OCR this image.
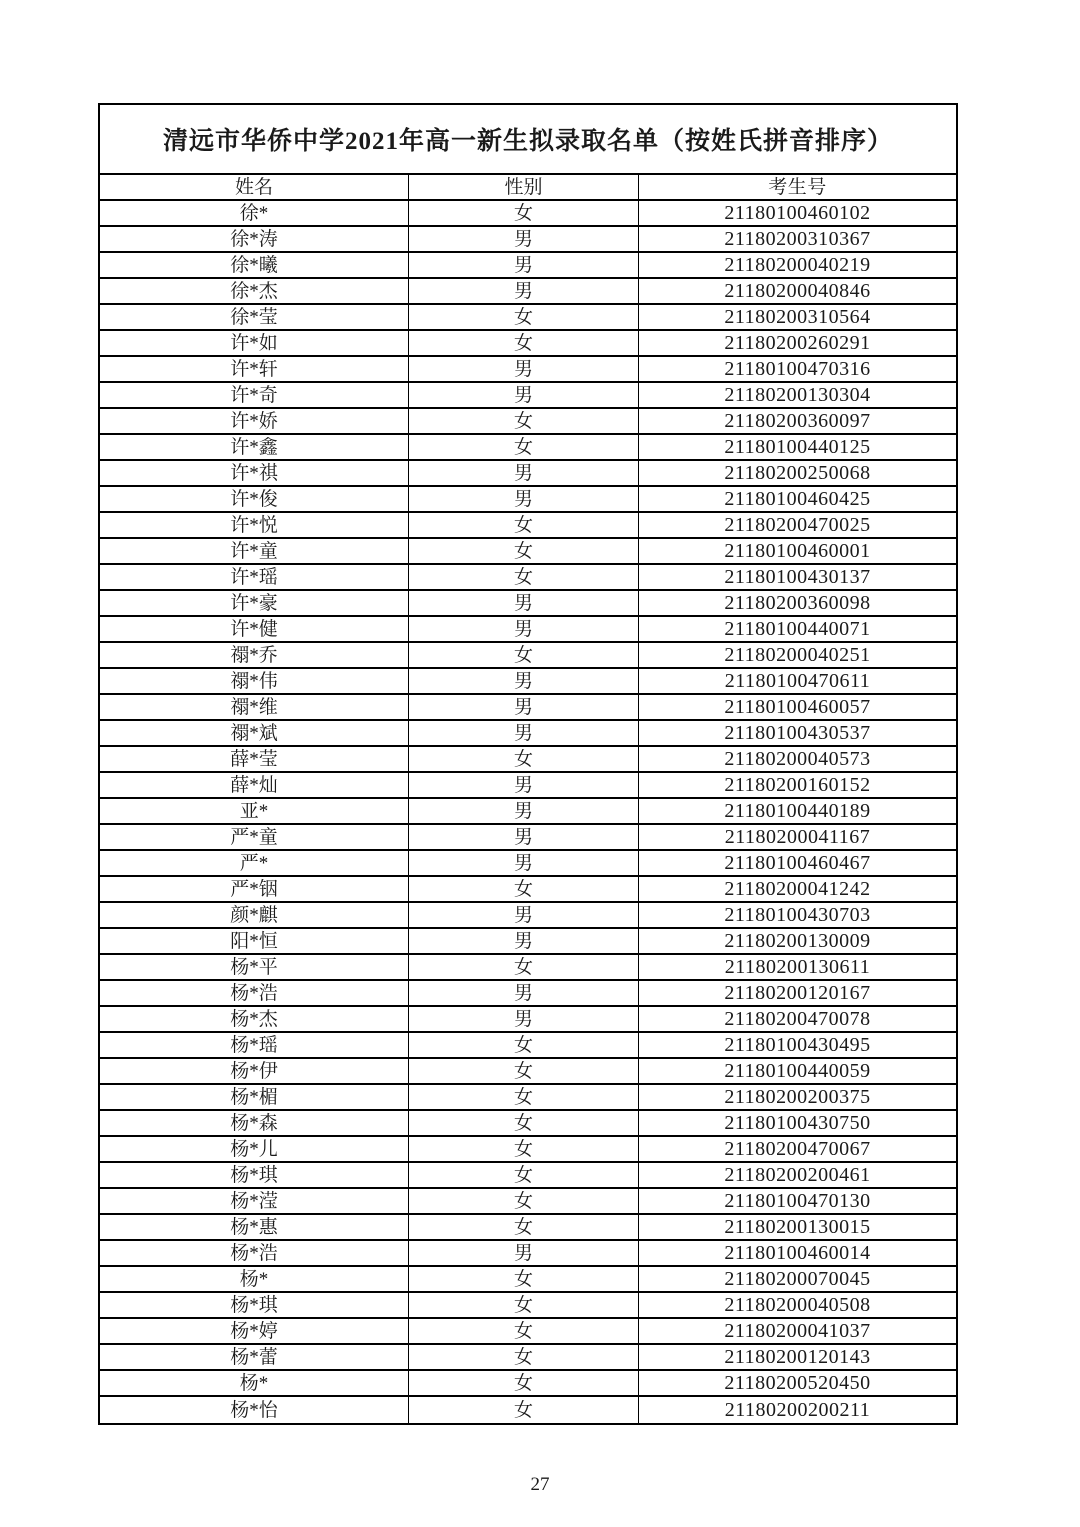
清远市华侨中学2021年高一新生拟录取名单（按姓氏拼音排序）
姓名	性别	考生号
徐*	女	21180100460102
徐*涛	男	21180200310367
徐*曦	男	21180200040219
徐*杰	男	21180200040846
徐*莹	女	21180200310564
许*如	女	21180200260291
许*轩	男	21180100470316
许*奇	男	21180200130304
许*娇	女	21180200360097
许*鑫	女	21180100440125
许*祺	男	21180200250068
许*俊	男	21180100460425
许*悦	女	21180200470025
许*童	女	21180100460001
许*瑶	女	21180100430137
许*豪	男	21180200360098
许*健	男	21180100440071
禤*乔	女	21180200040251
禤*伟	男	21180100470611
禤*维	男	21180100460057
禤*斌	男	21180100430537
薛*莹	女	21180200040573
薛*灿	男	21180200160152
亚*	男	21180100440189
严*童	男	21180200041167
严*	男	21180100460467
严*铟	女	21180200041242
颜*麒	男	21180100430703
阳*恒	男	21180200130009
杨*平	女	21180200130611
杨*浩	男	21180200120167
杨*杰	男	21180200470078
杨*瑶	女	21180100430495
杨*伊	女	21180100440059
杨*楣	女	21180200200375
杨*森	女	21180100430750
杨*儿	女	21180200470067
杨*琪	女	21180200200461
杨*滢	女	21180100470130
杨*惠	女	21180200130015
杨*浩	男	21180100460014
杨*	女	21180200070045
杨*琪	女	21180200040508
杨*婷	女	21180200041037
杨*蕾	女	21180200120143
杨*	女	21180200520450
杨*怡	女	21180200200211
27
